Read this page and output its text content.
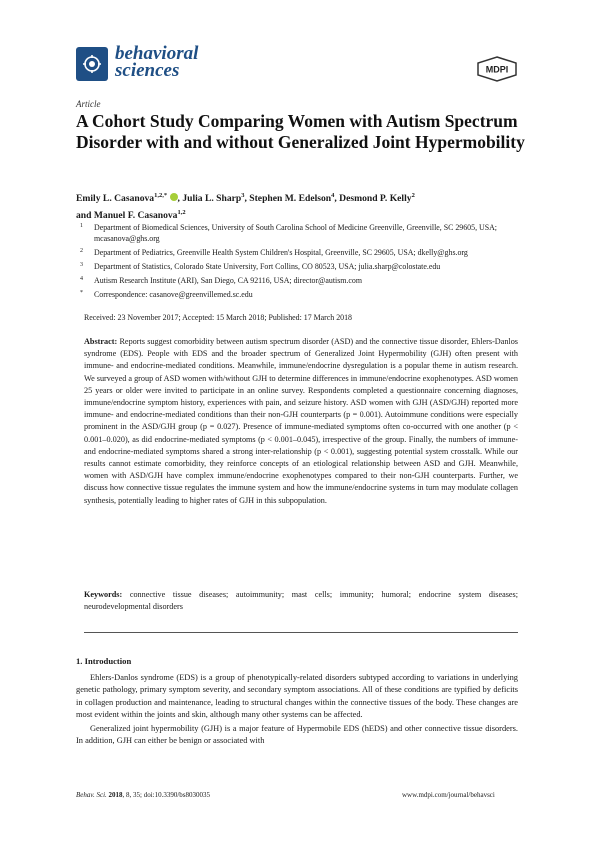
behavioral
sciences	MDPI
Article
A Cohort Study Comparing Women with Autism Spectrum Disorder with and without Generalized Joint Hypermobility
Emily L. Casanova$^{1,2,*}$ , Julia L. Sharp$^3$, Stephen M. Edelson$^4$, Desmond P. Kelly$^2$
and Manuel F. Casanova$^{1,2}$
1 Department of Biomedical Sciences, University of South Carolina School of Medicine Greenville, Greenville, SC 29605, USA; mcasanova@ghs.org
2 Department of Pediatrics, Greenville Health System Children's Hospital, Greenville, SC 29605, USA; dkelly@ghs.org
3 Department of Statistics, Colorado State University, Fort Collins, CO 80523, USA; julia.sharp@colostate.edu
4 Autism Research Institute (ARI), San Diego, CA 92116, USA; director@autism.com
* Correspondence: casanove@greenvillemed.sc.edu
Received: 23 November 2017; Accepted: 15 March 2018; Published: 17 March 2018
Abstract: Reports suggest comorbidity between autism spectrum disorder (ASD) and the connective tissue disorder, Ehlers-Danlos syndrome (EDS). People with EDS and the broader spectrum of Generalized Joint Hypermobility (GJH) often present with immune- and endocrine-mediated conditions. Meanwhile, immune/endocrine dysregulation is a popular theme in autism research. We surveyed a group of ASD women with/without GJH to determine differences in immune/endocrine exophenotypes. ASD women 25 years or older were invited to participate in an online survey. Respondents completed a questionnaire concerning diagnoses, immune/endocrine symptom history, experiences with pain, and seizure history. ASD women with GJH (ASD/GJH) reported more immune- and endocrine-mediated conditions than their non-GJH counterparts (p = 0.001). Autoimmune conditions were especially prominent in the ASD/GJH group (p = 0.027). Presence of immune-mediated symptoms often co-occurred with one another (p < 0.001–0.020), as did endocrine-mediated symptoms (p < 0.001–0.045), irrespective of the group. Finally, the numbers of immune- and endocrine-mediated symptoms shared a strong inter-relationship (p < 0.001), suggesting potential system crosstalk. While our results cannot estimate comorbidity, they reinforce concepts of an etiological relationship between ASD and GJH. Meanwhile, women with ASD/GJH have complex immune/endocrine exophenotypes compared to their non-GJH counterparts. Further, we discuss how connective tissue regulates the immune system and how the immune/endocrine systems in turn may modulate collagen synthesis, potentially leading to higher rates of GJH in this subpopulation.
Keywords: connective tissue diseases; autoimmunity; mast cells; immunity; humoral; endocrine system diseases; neurodevelopmental disorders
1. Introduction

Ehlers-Danlos syndrome (EDS) is a group of phenotypically-related disorders subtyped according to variations in underlying genetic pathology, primary symptom severity, and secondary symptom associations. All of these conditions are typified by deficits in collagen production and maintenance, leading to structural changes within the connective tissues of the body. These changes are most evident within the joints and skin, although many other systems can be affected.

Generalized joint hypermobility (GJH) is a major feature of Hypermobile EDS (hEDS) and other connective tissue disorders. In addition, GJH can either be benign or associated with

Behav. Sci. 2018, 8, 35; doi:10.3390/bs8030035	www.mdpi.com/journal/behavsci
